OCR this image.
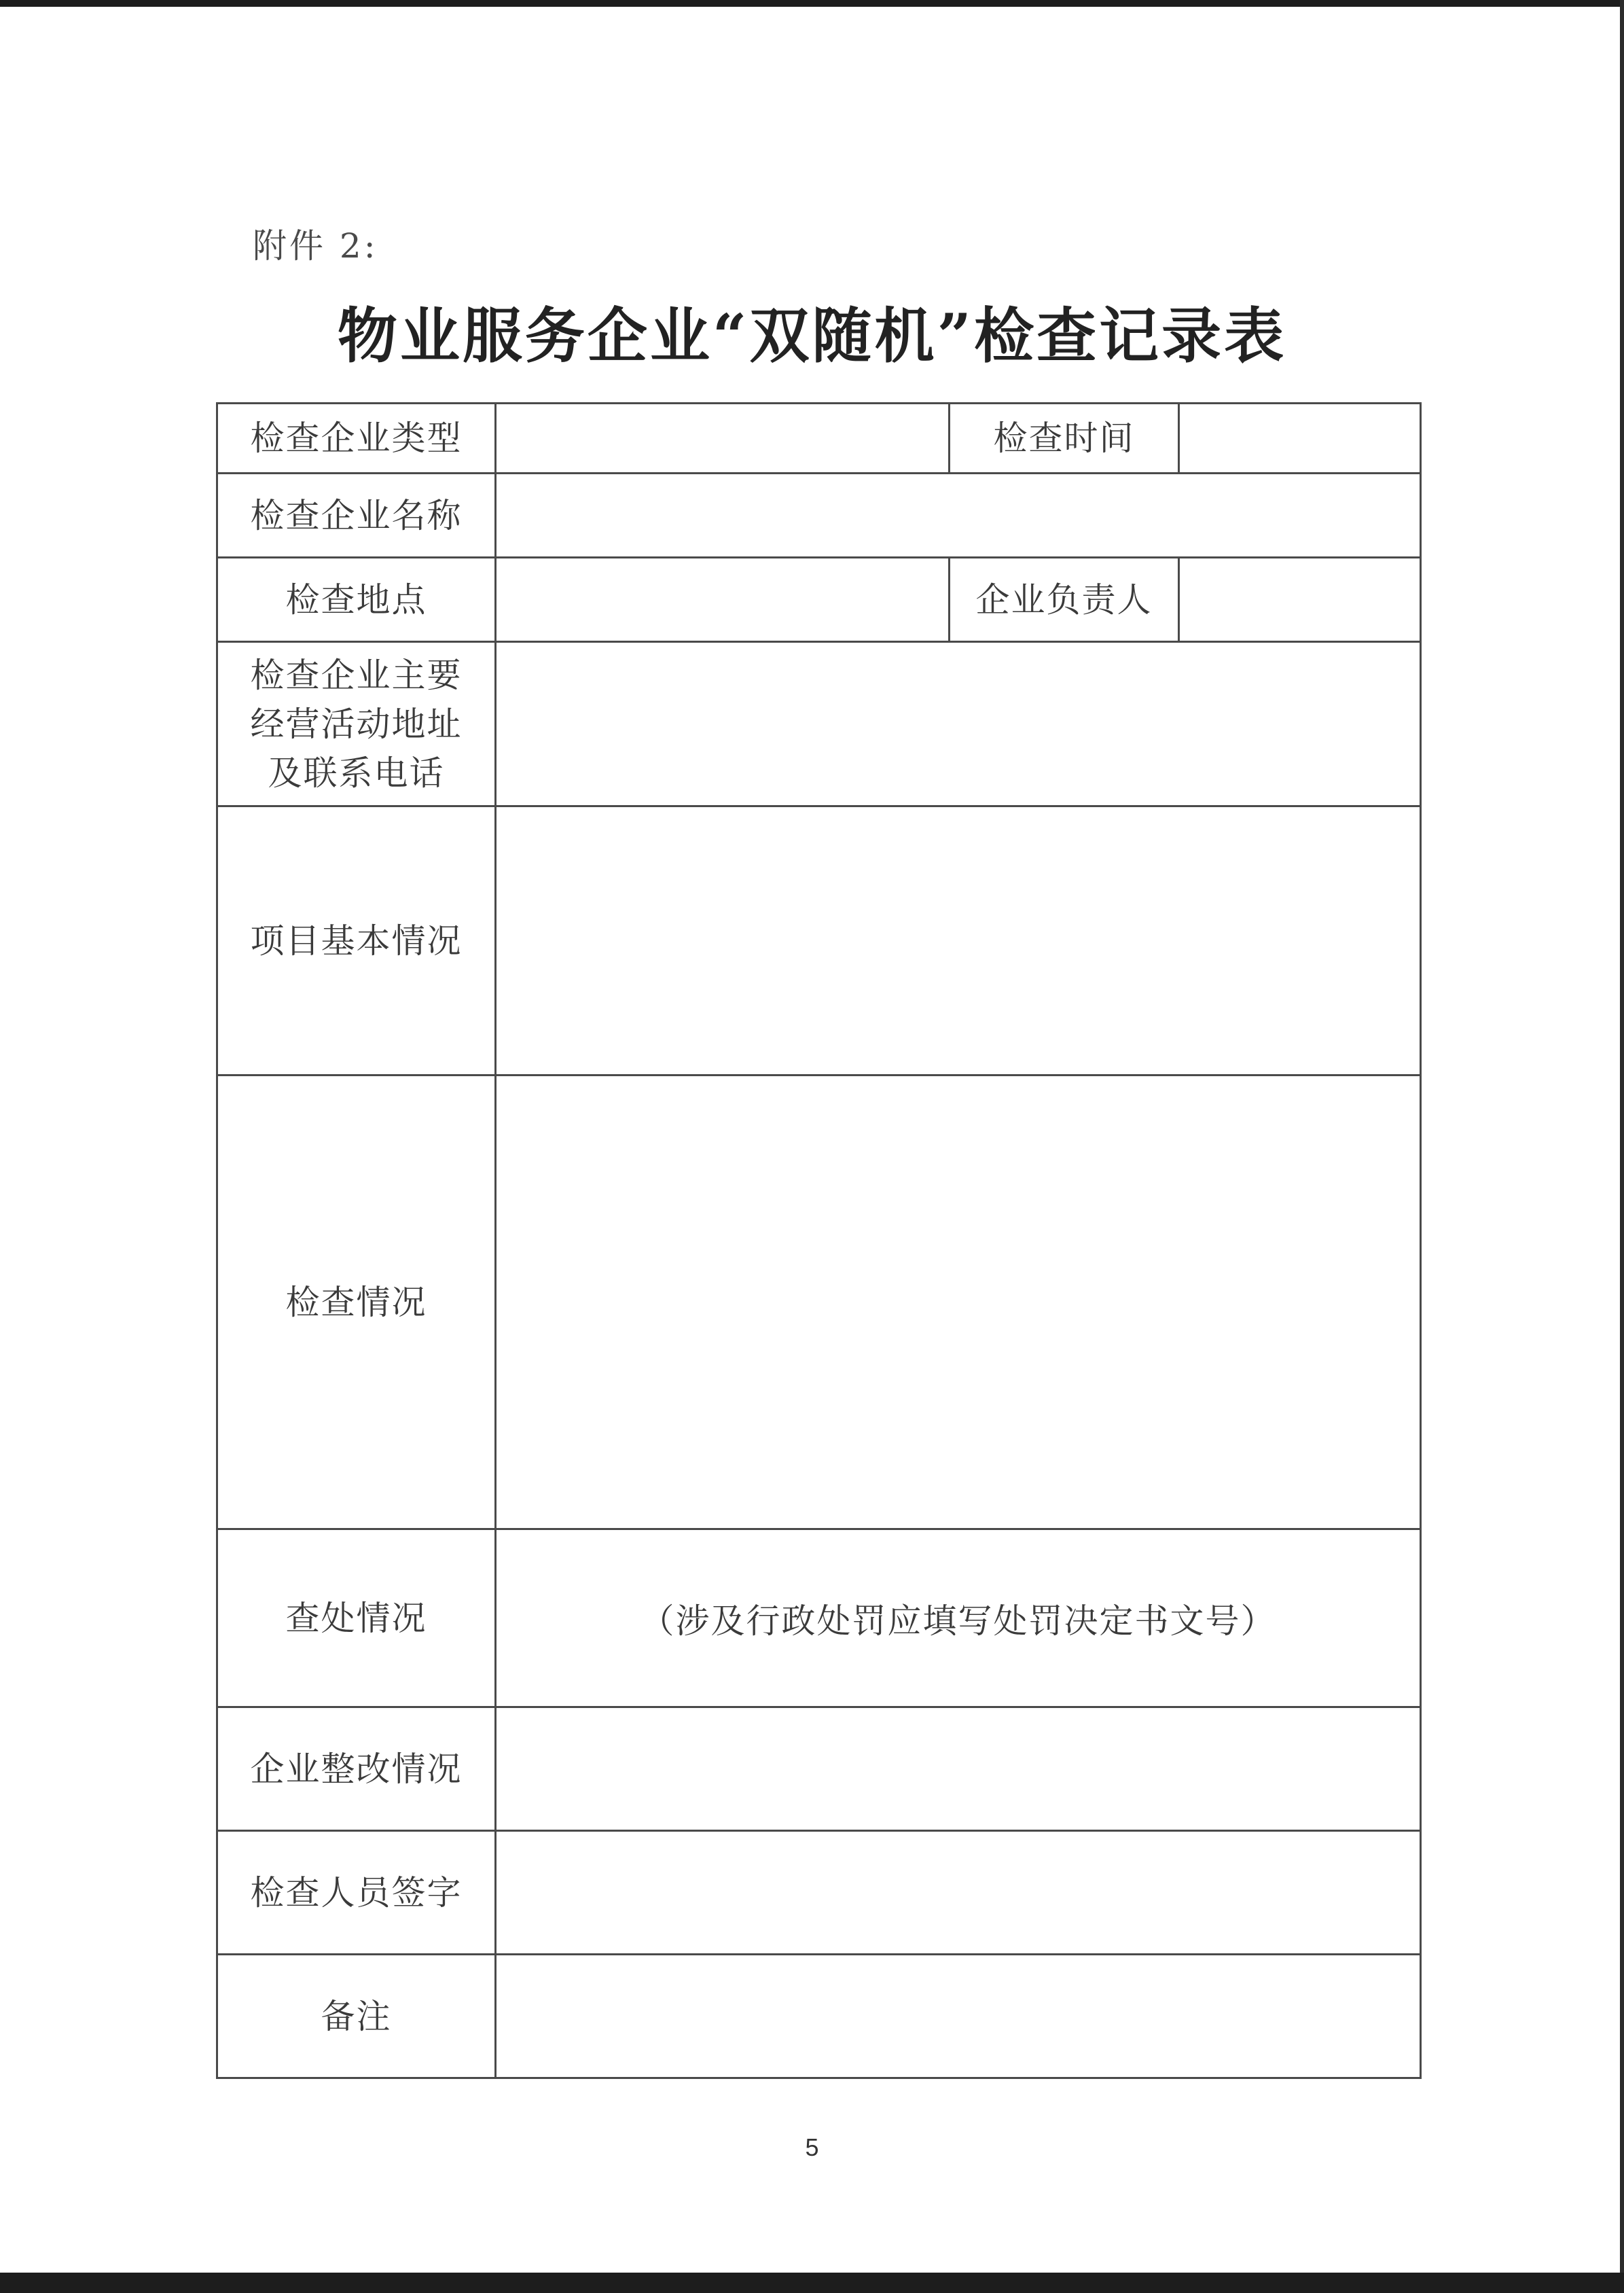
附件 2:
物业服务企业“双随机”检查记录表
检查企业类型		检查时间	
检查企业名称			
检查地点		企业负责人	

检查企业主要
经营活动地址
及联系电话			

项目基本情况			
检查情况			
查处情况	（涉及行政处罚应填写处罚决定书文号）		
企业整改情况			
检查人员签字			
备注			
5
